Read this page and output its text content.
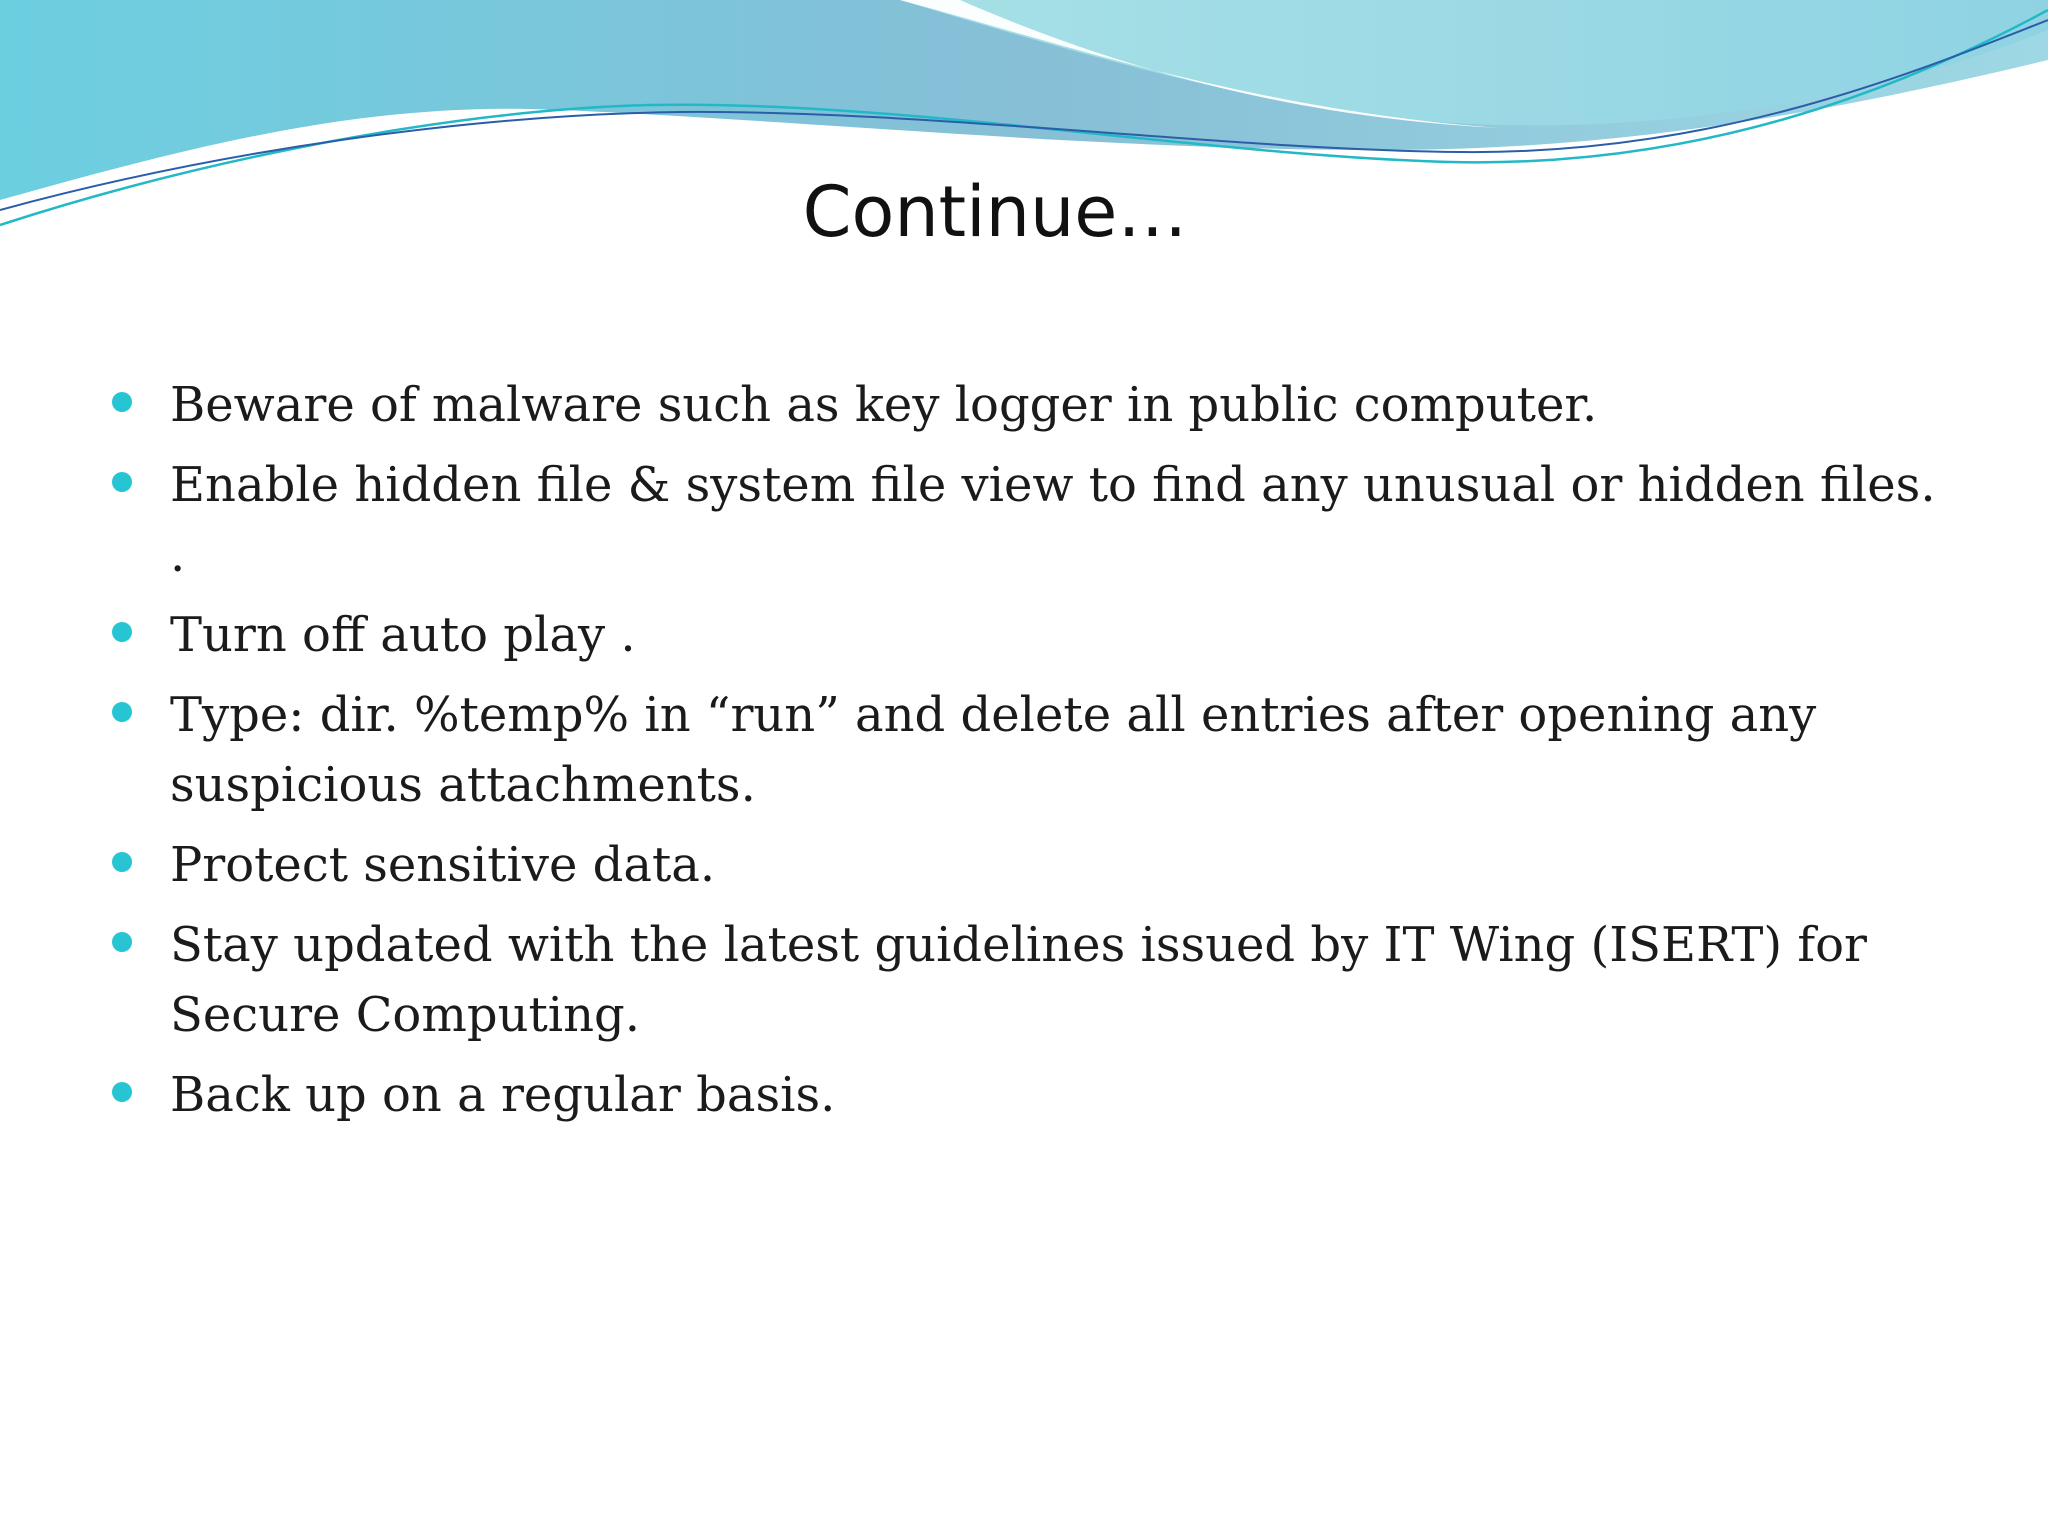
Continue…
Beware of malware such as key logger in public computer.
Enable hidden file & system file view to find any unusual or hidden files. .
Turn off auto play .
Type: dir. %temp% in “run” and delete all entries after opening any suspicious attachments.
Protect sensitive data.
Stay updated with the latest guidelines issued by IT Wing (ISERT) for Secure Computing.
Back up on a regular basis.
